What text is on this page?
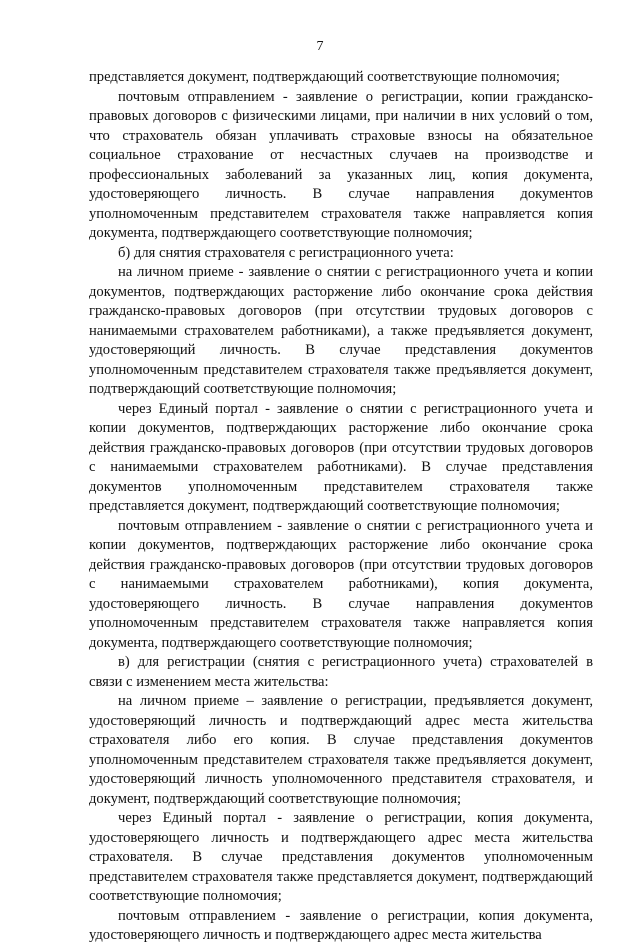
7

представляется документ, подтверждающий соответствующие полномочия;

почтовым отправлением - заявление о регистрации, копии гражданско-правовых договоров с физическими лицами, при наличии в них условий о том, что страхователь обязан уплачивать страховые взносы на обязательное социальное страхование от несчастных случаев на производстве и профессиональных заболеваний за указанных лиц, копия документа, удостоверяющего личность. В случае направления документов уполномоченным представителем страхователя также направляется копия документа, подтверждающего соответствующие полномочия;

б) для снятия страхователя с регистрационного учета:

на личном приеме - заявление о снятии с регистрационного учета и копии документов, подтверждающих расторжение либо окончание срока действия гражданско-правовых договоров (при отсутствии трудовых договоров с нанимаемыми страхователем работниками), а также предъявляется документ, удостоверяющий личность. В случае представления документов уполномоченным представителем страхователя также предъявляется документ, подтверждающий соответствующие полномочия;

через Единый портал - заявление о снятии с регистрационного учета и копии документов, подтверждающих расторжение либо окончание срока действия гражданско-правовых договоров (при отсутствии трудовых договоров с нанимаемыми страхователем работниками). В случае представления документов уполномоченным представителем страхователя также представляется документ, подтверждающий соответствующие полномочия;

почтовым отправлением - заявление о снятии с регистрационного учета и копии документов, подтверждающих расторжение либо окончание срока действия гражданско-правовых договоров (при отсутствии трудовых договоров с нанимаемыми страхователем работниками), копия документа, удостоверяющего личность. В случае направления документов уполномоченным представителем страхователя также направляется копия документа, подтверждающего соответствующие полномочия;

в) для регистрации (снятия с регистрационного учета) страхователей в связи с изменением места жительства:

на личном приеме – заявление о регистрации, предъявляется документ, удостоверяющий личность и подтверждающий адрес места жительства страхователя либо его копия. В случае представления документов уполномоченным представителем страхователя также предъявляется документ, удостоверяющий личность уполномоченного представителя страхователя, и документ, подтверждающий соответствующие полномочия;

через Единый портал - заявление о регистрации, копия документа, удостоверяющего личность и подтверждающего адрес места жительства страхователя. В случае представления документов уполномоченным представителем страхователя также представляется документ, подтверждающий соответствующие полномочия;

почтовым отправлением - заявление о регистрации, копия документа, удостоверяющего личность и подтверждающего адрес места жительства
